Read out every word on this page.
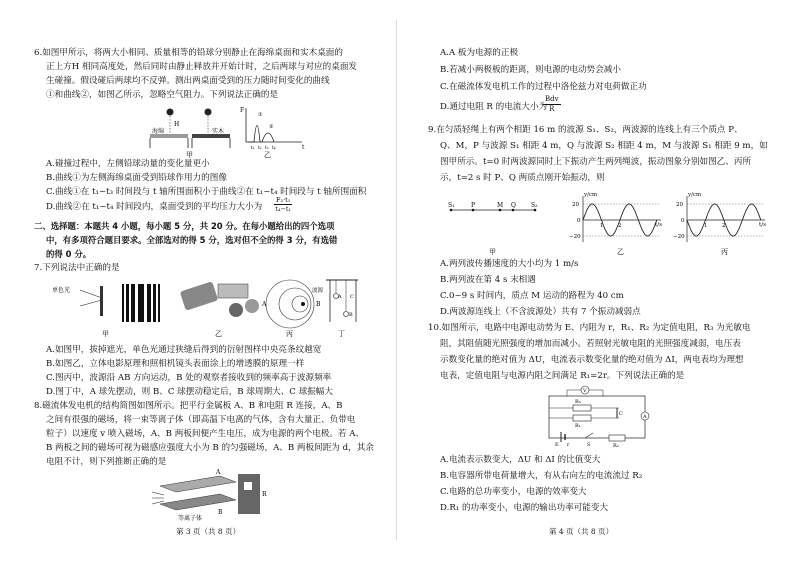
6.如图甲所示，将两大小相同、质量相等的铅球分别静止在海绵桌面和实木桌面的
正上方H 相同高度处，然后同时由静止释放并开始计时，之后两球与对应的桌面发
生碰撞。假设碰后两球均不反弹。测出两桌面受到的压力随时间变化的曲线
①和曲线②，如图乙所示，忽略空气阻力。下列说法正确的是
海绵	实木
H
甲
F
t
①
②
t₁ t₂ t₃ t₄
乙
A.碰撞过程中，左侧铅球动量的变化量更小
B.曲线①为左侧海绵桌面受到铅球作用力的图像
C.曲线①在 t₁~t₃ 时间段与 t 轴所围面积小于曲线②在 t₁~t₄ 时间段与 t 轴所围面积
D.曲线②在 t₁~t₄ 时间段内，桌面受到的平均压力大小为 $\frac{\text{F₂·t₁}}{\text{t₄−t₁}}$
二、选择题：本题共 4 小题，每小题 5 分，共 20 分。在每小题给出的四个选项
中，有多项符合题目要求。全部选对的得 5 分，选对但不全的得 3 分，有选错
的得 0 分。
7.下列说法中正确的是
单色光
甲	乙
A	B
波源
丙
A
B
C
丁
A.如图甲，拔掉遮光，单色光通过狭缝后得到的衍射图样中央亮条纹越宽
B.如图乙，立体电影原理和照相机镜头表面涂上的增透膜的原理一样
C.图丙中，波源沿 AB 方向运动，B 处的观察者接收到的频率高于波源频率
D.图丁中，A 球先摆动，则 B、C 球摆动稳定后，B 球周期大、C 球振幅大
8.磁流体发电机的结构简图如图所示。把平行金属板 A、B 和电阻 R 连接，A、B
之间有很强的磁场，将一束等离子体（即高温下电离的气体，含有大量正、负带电
粒子）以速度 v 喷入磁场，A、B 两板间便产生电压，成为电源的两个电极。若 A、
B 两板之间的磁场可视为磁感应强度大小为 B 的匀强磁场，A、B 两板间距为 d，其余
电阻不计，则下列推断正确的是
A
B
R
等离子体
第 3 页（共 8 页）
A.A 板为电源的正极
B.若减小两极板的距离，则电源的电动势会减小
C.在磁流体发电机工作的过程中洛伦兹力对电荷做正功
D.通过电阻 R 的电流大小为
Bdv
R
9.在匀质轻绳上有两个相距 16 m 的波源 S₁、S₂，两波源的连线上有三个质点 P、
Q、M，P 与波源 S₁ 相距 4 m，Q 与波源 S₂ 相距 4 m，M 与波源 S₁ 相距 9 m，如
图甲所示。t=0 时两波源同时上下振动产生两列绳波，振动图象分别如图乙、丙所
示，t=2 s 时 P、Q 两质点刚开始振动，则
S₁	P	M Q	S₂
甲
y/cm
t/s
20
0
−20
1	2
乙
y/cm
t/s
20
0
−20
1	2
丙
A.两列波传播速度的大小均为 1 m/s
B.两列波在第 4 s 末相遇
C.0~9 s 时间内，质点 M 运动的路程为 40 cm
D.两波源连线上（不含波源处）共有 7 个振动减弱点
10.如图所示，电路中电源电动势为 E、内阻为 r，R₁、R₂ 为定值电阻，R₃ 为光敏电
阻，其阻值随光照强度的增加而减小。若照射光敏电阻的光照强度减弱，电压表
示数变化量的绝对值为 ΔU，电流表示数变化量的绝对值为 ΔI，两电表均为理想
电表，定值电阻与电源内阻之间满足 R₁=2r。下列说法正确的是
V
R₃
R₁
C	A
E r	S	R₂
A.电流表示数变大，ΔU 和 ΔI 的比值变大
B.电容器所带电荷量增大，有从右向左的电流流过 R₂
C.电路的总功率变小，电源的效率变大
D.R₁ 的功率变小，电源的输出功率可能变大
第 4 页（共 8 页）
